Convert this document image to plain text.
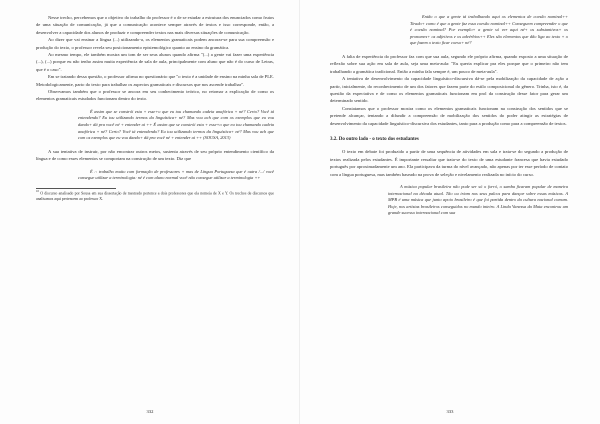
Nesse trecho, percebemos que o objetivo do trabalho do professor é o de se estudar a estrutura dos enunciados como frutos de uma situação de comunicação, já que a comunicação acontece sempre através de textos e isso corresponde, então, a desenvolver a capacidade dos alunos de produzir e compreender textos nas mais diversas situações de comunicação.

Ao dizer que vai ensinar a língua (...) utilizando-a, os elementos gramaticais podem ancorar-se para sua compreensão e produção do texto, o professor revela seu posicionamento epistemológico quanto ao ensino da gramática.

Ao mesmo tempo, ele também mostra um tom de ser seus alunos quando afirma "(...) a gente vai fazer uma experiência (...), (...) porque eu não tenho assim muita experiência de sala de aula, principalmente com aluno que não é do curso de Letras, que é o caso".

Em se tratando dessa questão, o professor afirma no questionário que "o texto é a unidade de ensino na minha sala de PLE. Metodologicamente, parto do texto para trabalhar os aspectos gramaticais e discursos que nos ascende trabalhar".

Observamos também que o professor se ancora em seu conhecimento teórico, no retomar a explicação de como os elementos gramaticais estudados funcionam dentro do texto.

É assim que se constrói esta + esse+o que eu tou chamando cadeia anafórica + né? Certo? Você tá entendendo? Eu tou utilizando termos da linguística+ né? Mas vou ach que com os exemplos que eu vou dando+ dá pra você né + entender ai ++ É assim que se constrói esta + esse+o que eu tou chamando cadeia anafórica + né? Certo? Você tá entendendo? Eu tou utilizando termos da linguística+ né? Mas vou ach que com os exemplos que eu vou dando+ dá pra você né + entender ai ++ (SOUSA, 2013)

A sua tentativa de instruir, por não encontrar outros meios, sustenta através de seu próprio entendimento científico da língua e de como esses elementos se comportam na construção de um texto. Diz que

É :: trabalho muito com formação de professores + mas de Língua Portuguesa que é outra /.../ você consegue utilizar a terminologia: né é com aluno normal você não consegue utilizar a terminologia ++

$^{10}$ O discurso analisado por Sousa em sua dissertação de mestrado pertence a dois professores que ela nomeia de X e Y. Os trechos de discursos que analisamos aqui pertencem ao professor X.

332

Então o que a gente tá trabalhando aqui os elementos de coesão nominal++ Tirado+ como é que a gente faz essa coesão nominal++ Conseguem compreender o que é coesão nominal? Por exemplo+ a gente só ver aqui né+ os substantivos+ os pronomes+ os adjetivos e os advérbios++ Eles são elementos que dão liga ao texto + o que fazem o texto ficar coeso+ né?

A falta de experiência do professor faz com que sua aula, segundo ele próprio afirma, quando exposto a uma situação de reflexão sobre sua ação em sala de aula, seja uma meta-aula: "Eu queria explicar pra eles porque que o primeiro não tem trabalhando a gramática tradicional. Então a minha fala sempre é, um pouco de meta-aula".

A tentativa de desenvolvimento da capacidade linguístico-discursiva dá-se pela mobilização da capacidade de ação a partir, inicialmente, do reconhecimento de um dos fatores que fazem parte do estilo composicional do gênero. Trinha, isto é, da questão da expectativa e de como os elementos gramaticais funcionam em prol da construção desse fator para gerar um determinado sentido.

Constatamos que o professor mostra como os elementos gramaticais funcionam na construção dos sentidos que se pretende alcançar, tentando a difundir a compreensão de mobilização dos sentidos do poder atingir as estratégias de desenvolvimento da capacidade linguístico-discursiva dos estudantes, tanto para a produção como para a compreensão de textos.

3.2. Do outro lado - o texto dos estudantes

O texto em debate foi produzido a partir de uma sequência de atividades em sala e trata-se do segundo a produção de textos realizada pelos estudantes. É importante ressaltar que trata-se do texto de uma estudante francesa que havia estudado português por aproximadamente um ano. Ela participava da turma do nível avançado, não apenas por ter esse período de contato com a língua portuguesa, mas também baseado na prova de seleção e nivelamento realizada no início do curso.

A música popular brasileira não pode ser só o forró, o samba ficaram popular de maneira internacional na década atual. Tão ou iriam nos seus palcos para dançar sobre essas músicas. A MPB é uma música que junto apoio brasileiro é que foi partida dentro da cultura nacional comum. Hoje, nos artistas brasileiros conseguidos no mundo inteiro. A Linda Vanessa da Mata encontrou um grande sucesso internacional com sua

333
